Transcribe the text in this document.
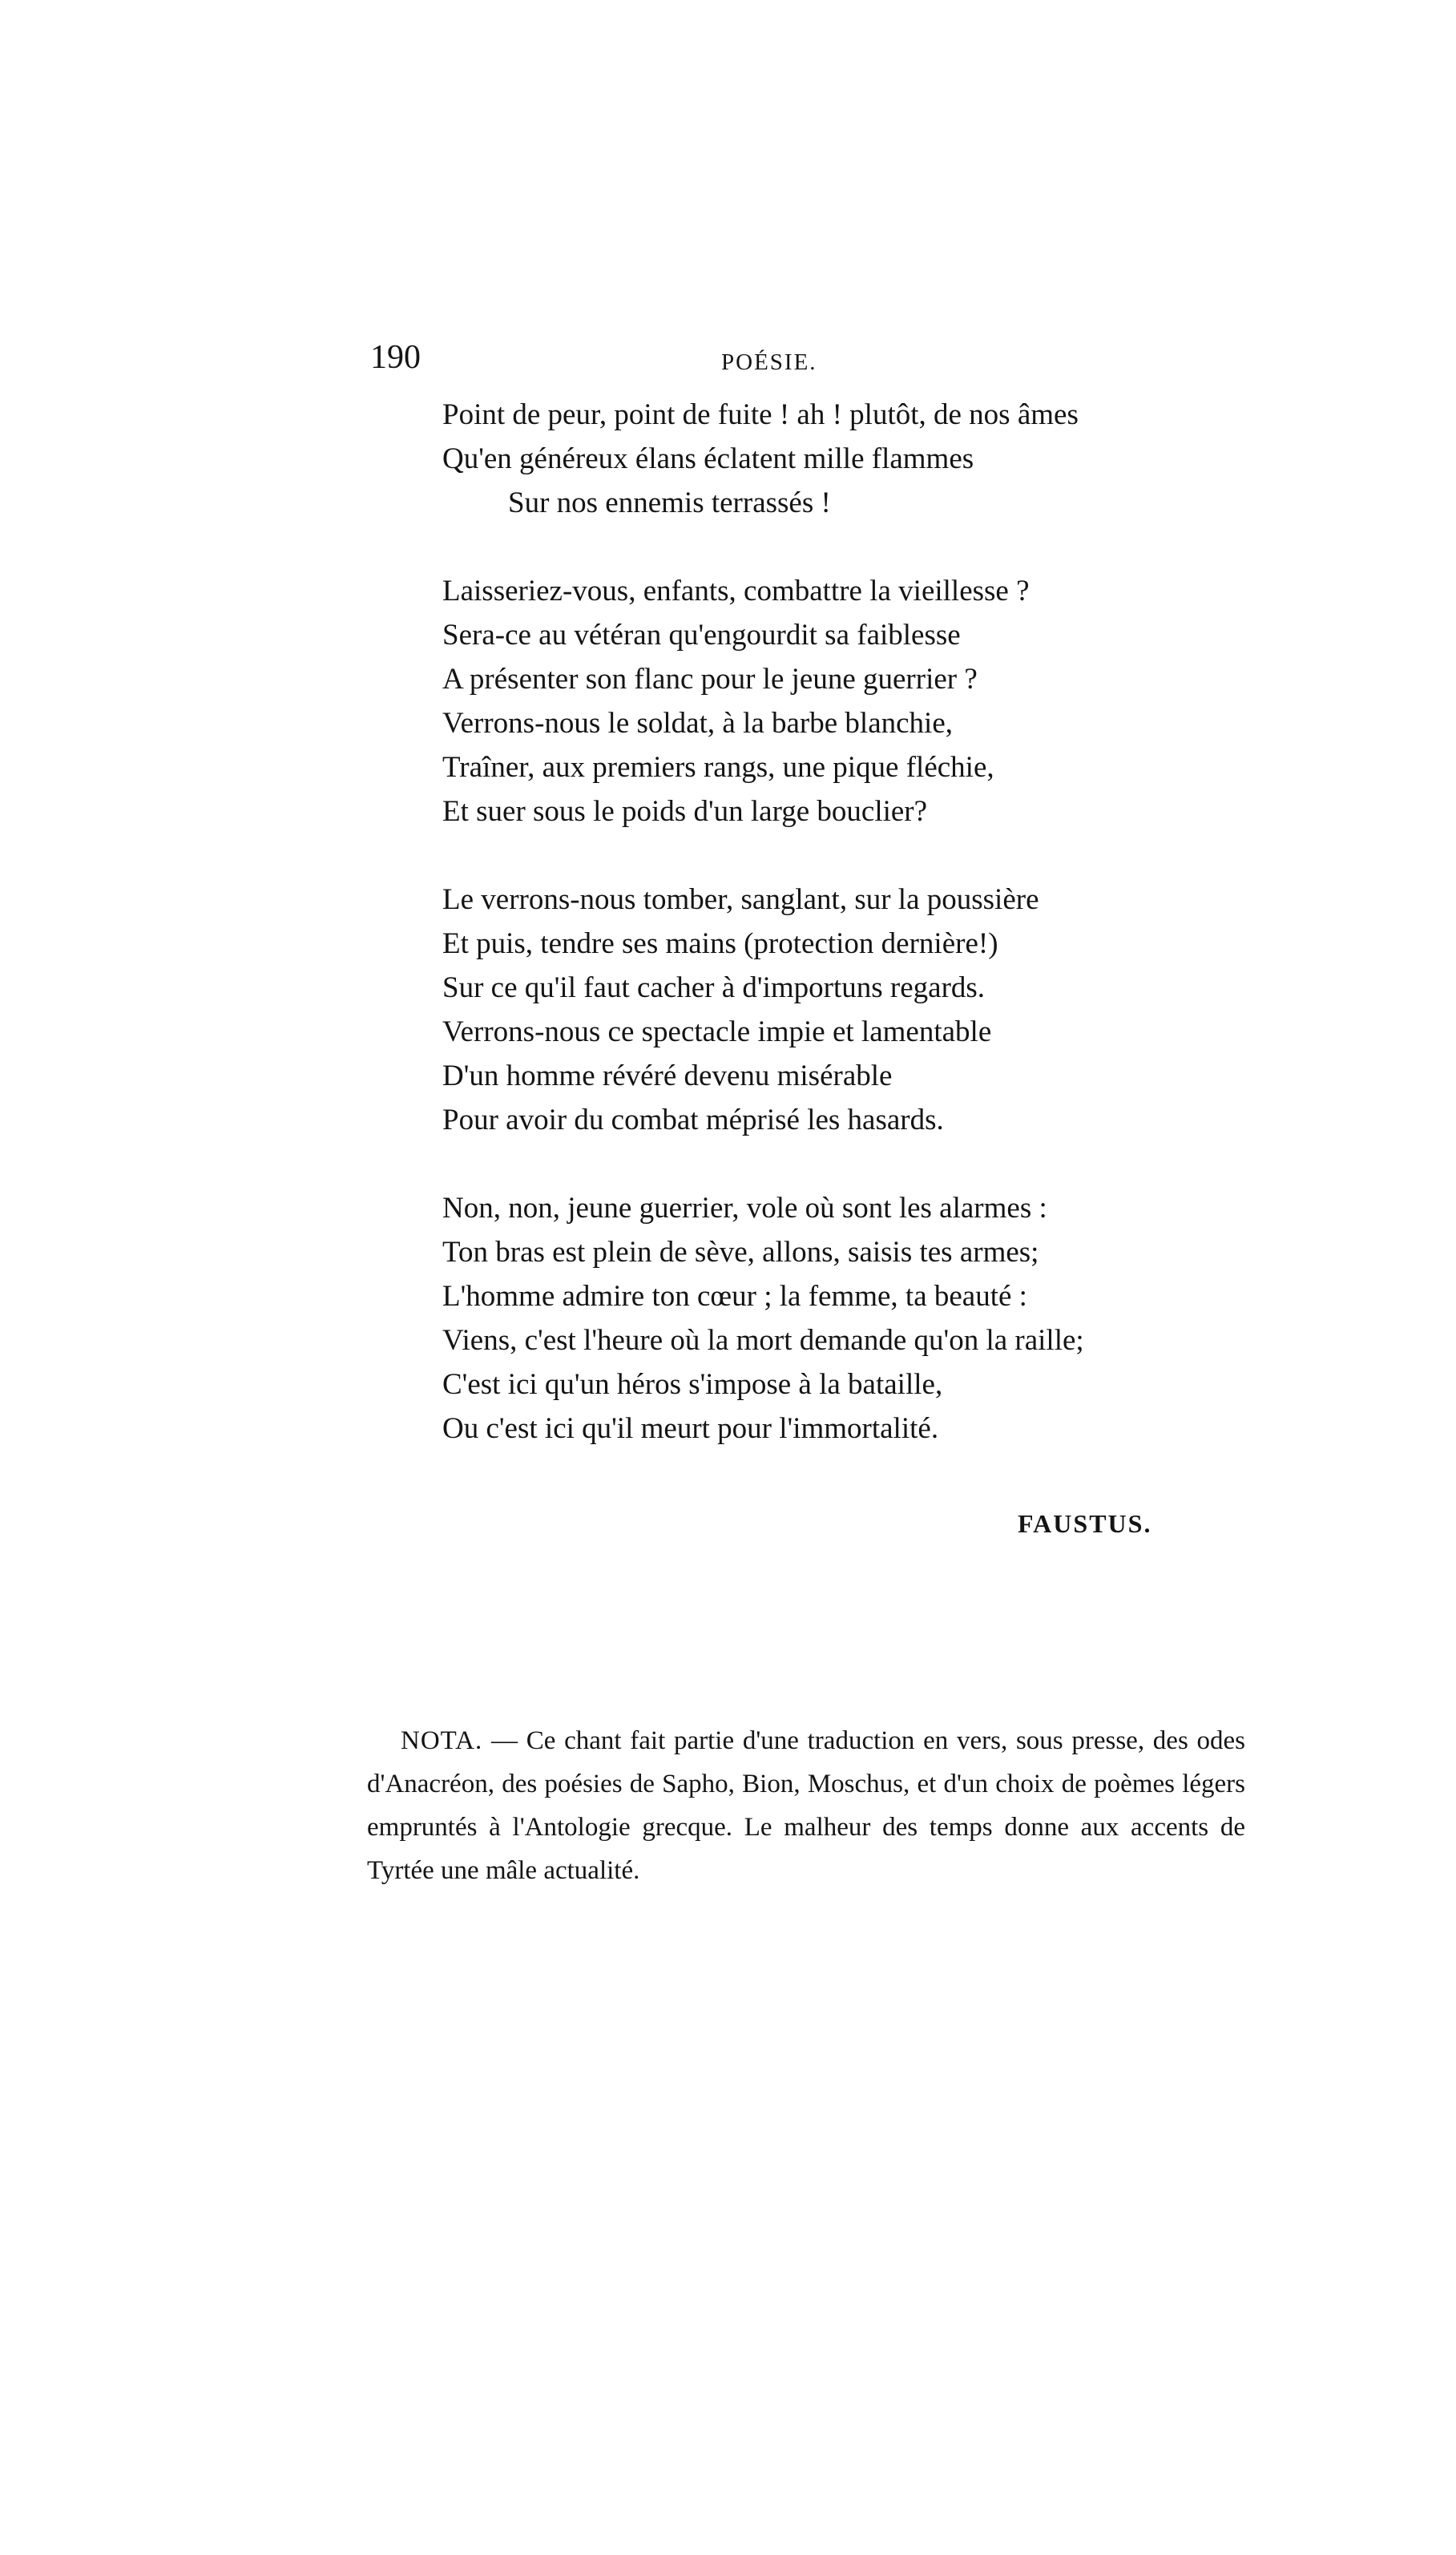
190	POÉSIE.
Point de peur, point de fuite ! ah ! plutôt, de nos âmes
Qu'en généreux élans éclatent mille flammes
Sur nos ennemis terrassés !
Laisseriez-vous, enfants, combattre la vieillesse ?
Sera-ce au vétéran qu'engourdit sa faiblesse
A présenter son flanc pour le jeune guerrier ?
Verrons-nous le soldat, à la barbe blanchie,
Traîner, aux premiers rangs, une pique fléchie,
Et suer sous le poids d'un large bouclier?
Le verrons-nous tomber, sanglant, sur la poussière
Et puis, tendre ses mains (protection dernière!)
Sur ce qu'il faut cacher à d'importuns regards.
Verrons-nous ce spectacle impie et lamentable
D'un homme révéré devenu misérable
Pour avoir du combat méprisé les hasards.
Non, non, jeune guerrier, vole où sont les alarmes :
Ton bras est plein de sève, allons, saisis tes armes;
L'homme admire ton cœur ; la femme, ta beauté :
Viens, c'est l'heure où la mort demande qu'on la raille;
C'est ici qu'un héros s'impose à la bataille,
Ou c'est ici qu'il meurt pour l'immortalité.
FAUSTUS.

NOTA. — Ce chant fait partie d'une traduction en vers, sous presse, des odes d'Anacréon, des poésies de Sapho, Bion, Moschus, et d'un choix de poèmes légers empruntés à l'Antologie grecque. Le malheur des temps donne aux accents de Tyrtée une mâle actualité.
